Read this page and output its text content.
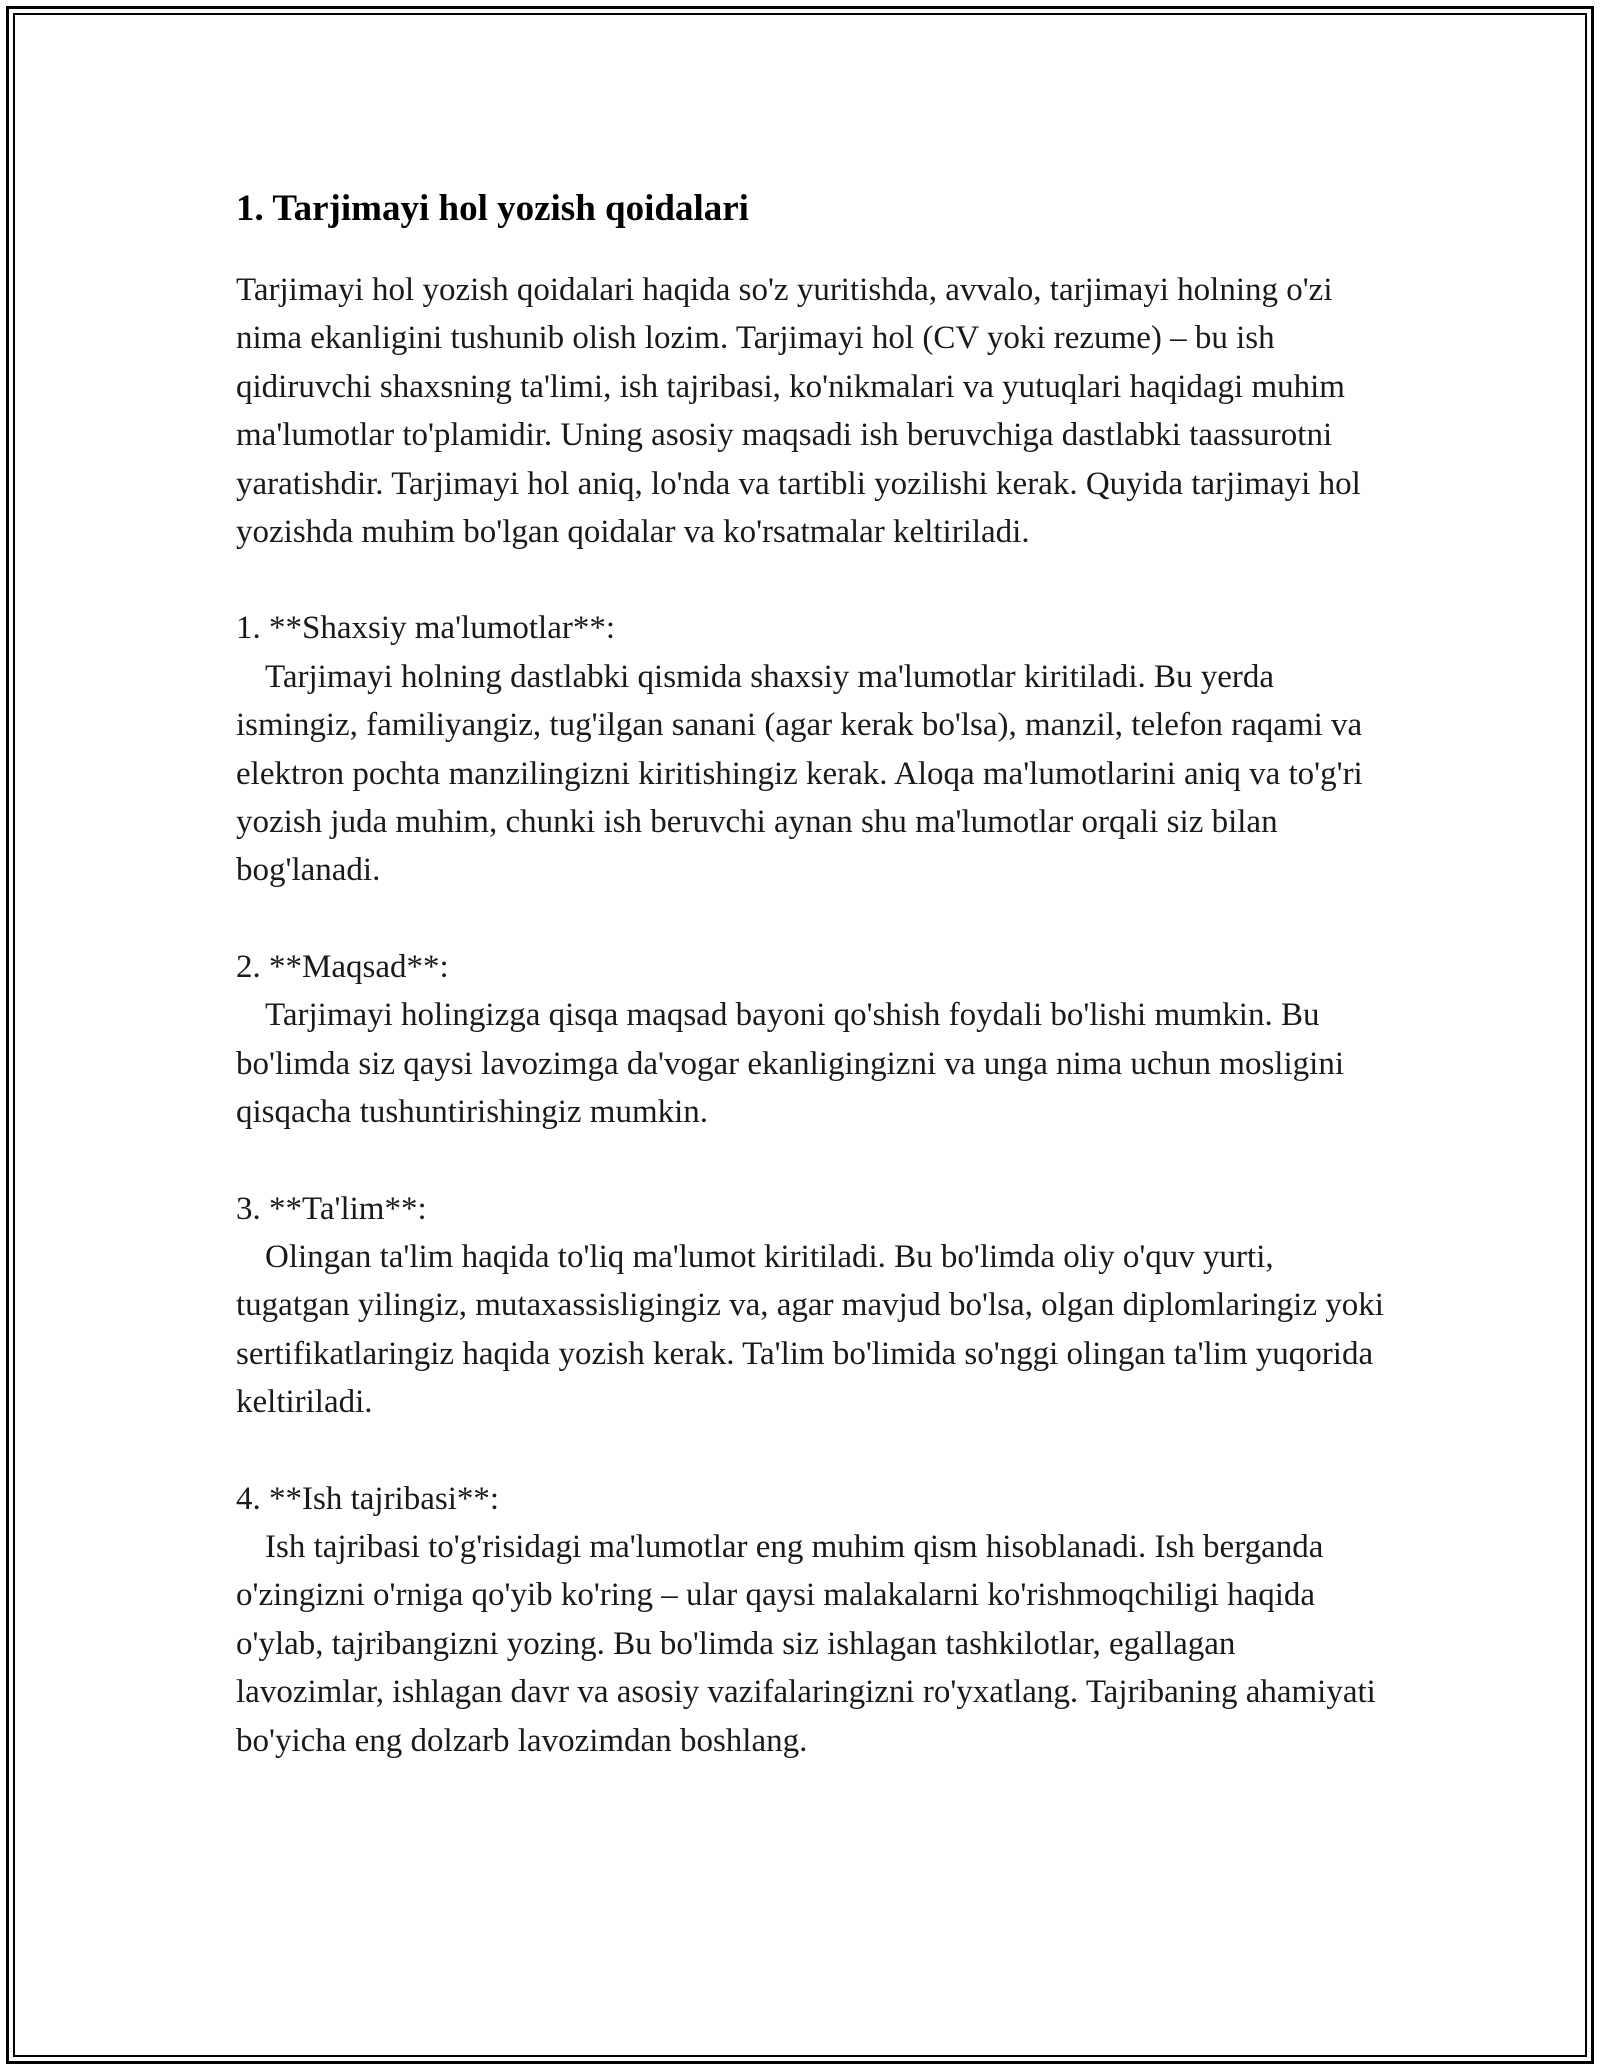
1. Tarjimayi hol yozish qoidalari

Tarjimayi hol yozish qoidalari haqida so'z yuritishda, avvalo, tarjimayi holning o'zi nima ekanligini tushunib olish lozim. Tarjimayi hol (CV yoki rezume) – bu ish qidiruvchi shaxsning ta'limi, ish tajribasi, ko'nikmalari va yutuqlari haqidagi muhim ma'lumotlar to'plamidir. Uning asosiy maqsadi ish beruvchiga dastlabki taassurotni yaratishdir. Tarjimayi hol aniq, lo'nda va tartibli yozilishi kerak. Quyida tarjimayi hol yozishda muhim bo'lgan qoidalar va ko'rsatmalar keltiriladi.

1. **Shaxsiy ma'lumotlar**:

Tarjimayi holning dastlabki qismida shaxsiy ma'lumotlar kiritiladi. Bu yerda ismingiz, familiyangiz, tug'ilgan sanani (agar kerak bo'lsa), manzil, telefon raqami va elektron pochta manzilingizni kiritishingiz kerak. Aloqa ma'lumotlarini aniq va to'g'ri yozish juda muhim, chunki ish beruvchi aynan shu ma'lumotlar orqali siz bilan bog'lanadi.

2. **Maqsad**:

Tarjimayi holingizga qisqa maqsad bayoni qo'shish foydali bo'lishi mumkin. Bu bo'limda siz qaysi lavozimga da'vogar ekanligingizni va unga nima uchun mosligini qisqacha tushuntirishingiz mumkin.

3. **Ta'lim**:

Olingan ta'lim haqida to'liq ma'lumot kiritiladi. Bu bo'limda oliy o'quv yurti, tugatgan yilingiz, mutaxassisligingiz va, agar mavjud bo'lsa, olgan diplomlaringiz yoki sertifikatlaringiz haqida yozish kerak. Ta'lim bo'limida so'nggi olingan ta'lim yuqorida keltiriladi.

4. **Ish tajribasi**:

Ish tajribasi to'g'risidagi ma'lumotlar eng muhim qism hisoblanadi. Ish berganda o'zingizni o'rniga qo'yib ko'ring – ular qaysi malakalarni ko'rishmoqchiligi haqida o'ylab, tajribangizni yozing. Bu bo'limda siz ishlagan tashkilotlar, egallagan lavozimlar, ishlagan davr va asosiy vazifalaringizni ro'yxatlang. Tajribaning ahamiyati bo'yicha eng dolzarb lavozimdan boshlang.
